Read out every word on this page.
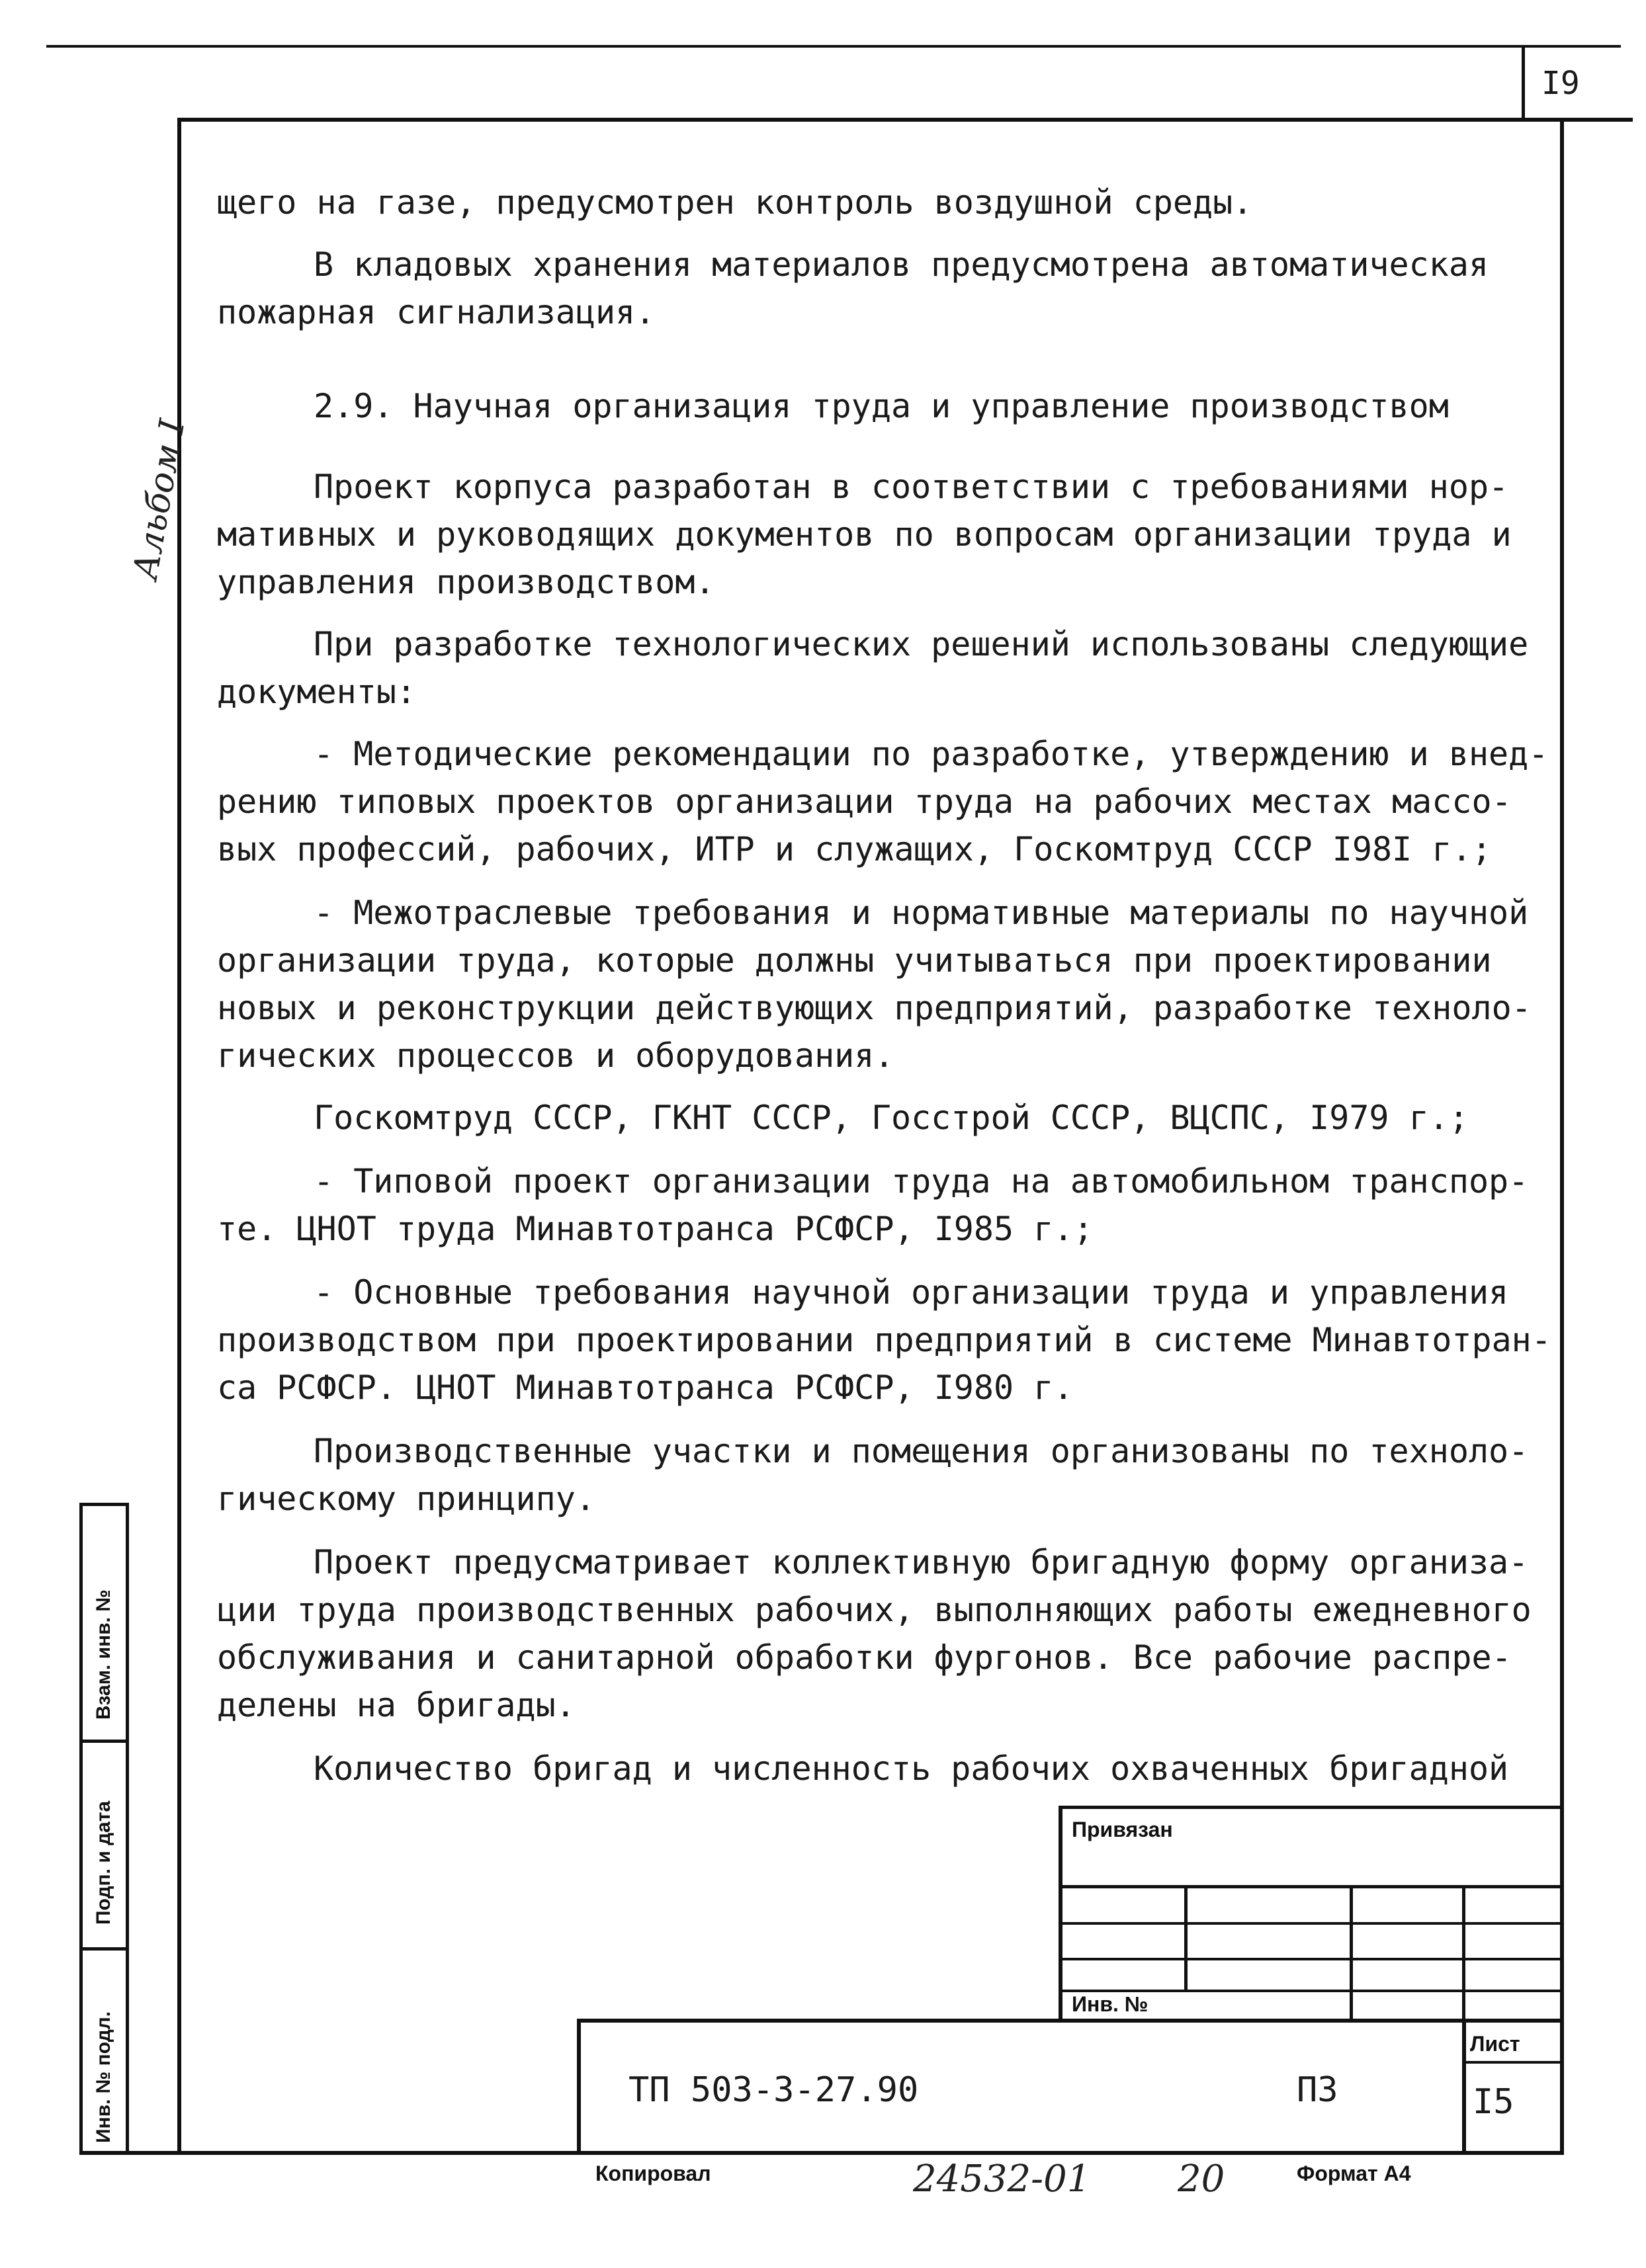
I9
Альбом I

щего на газе, предусмотрен контроль воздушной среды.

В кладовых хранения материалов предусмотрена автоматическая

пожарная сигнализация.

2.9. Научная организация труда и управление производством

Проект корпуса разработан в соответствии с требованиями нор-

мативных и руководящих документов по вопросам организации труда и

управления производством.

При разработке технологических решений использованы следующие

документы:

- Методические рекомендации по разработке, утверждению и внед-

рению типовых проектов организации труда на рабочих местах массо-

вых профессий, рабочих, ИТР и служащих, Госкомтруд СССР I98I г.;

- Межотраслевые требования и нормативные материалы по научной

организации труда, которые должны учитываться при проектировании

новых и реконструкции действующих предприятий, разработке техноло-

гических процессов и оборудования.

Госкомтруд СССР, ГКНТ СССР, Госстрой СССР, ВЦСПС, I979 г.;

- Типовой проект организации труда на автомобильном транспор-

те. ЦНОТ труда Минавтотранса РСФСР, I985 г.;

- Основные требования научной организации труда и управления

производством при проектировании предприятий в системе Минавтотран-

са РСФСР. ЦНОТ Минавтотранса РСФСР, I980 г.

Производственные участки и помещения организованы по техноло-

гическому принципу.

Проект предусматривает коллективную бригадную форму организа-

ции труда производственных рабочих, выполняющих работы ежедневного

обслуживания и санитарной обработки фургонов. Все рабочие распре-

делены на бригады.

Количество бригад и численность рабочих охваченных бригадной

Взам. инв. №
Подп. и дата
Инв. № подл.
Привязан
Инв. №
ТП 503-3-27.90	ПЗ
Лист
I5
Копировал	24532-01 20	Формат А4
